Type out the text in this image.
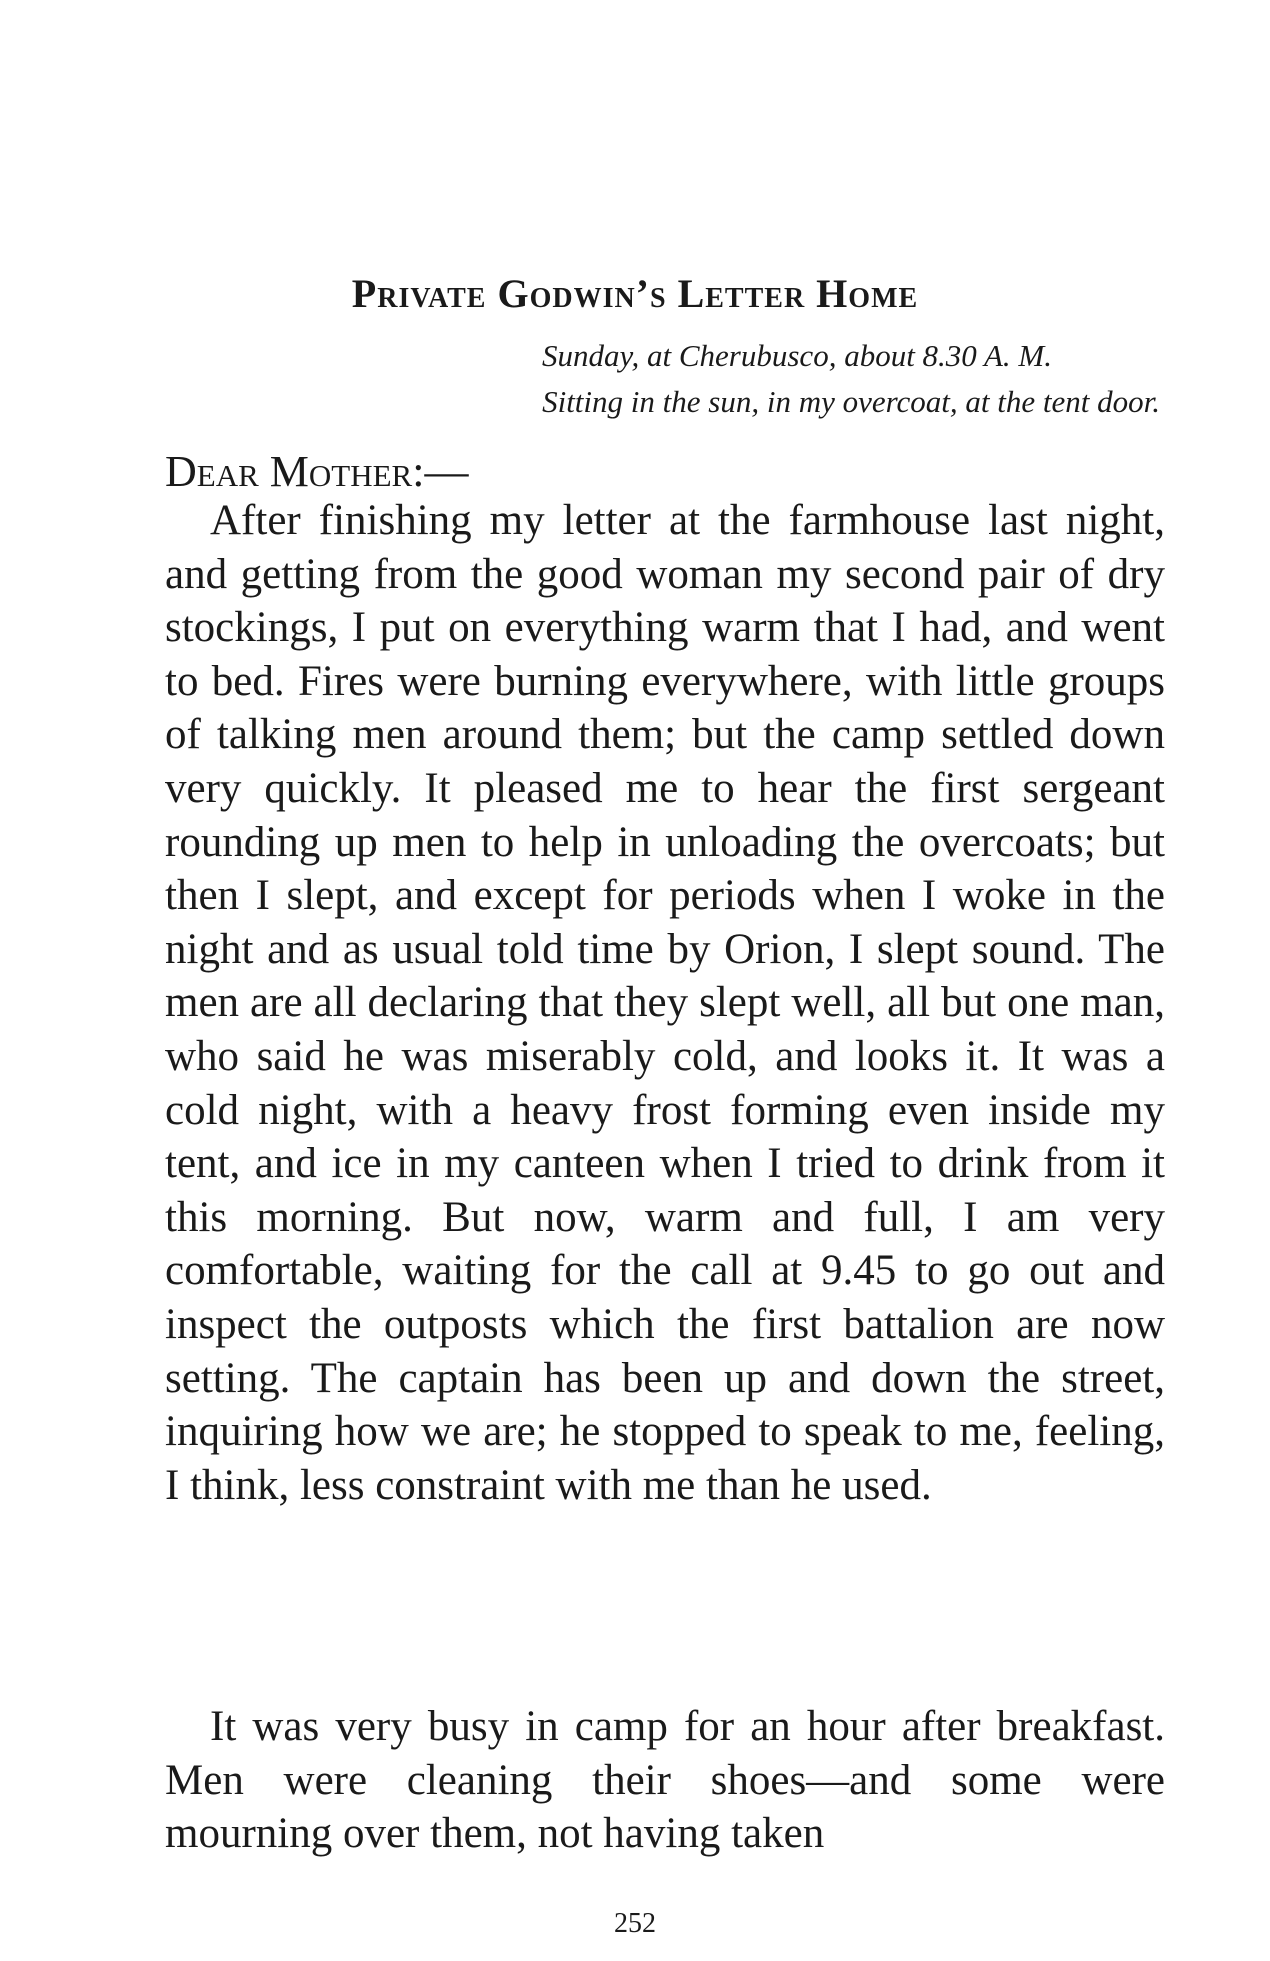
Private Godwin’s Letter Home

Sunday, at Cherubusco, about 8.30 A. M.

Sitting in the sun, in my overcoat, at the tent door.

Dear Mother:—

After finishing my letter at the farmhouse last night, and getting from the good woman my second pair of dry stockings, I put on everything warm that I had, and went to bed. Fires were burning everywhere, with little groups of talking men around them; but the camp settled down very quickly. It pleased me to hear the first sergeant rounding up men to help in unloading the overcoats; but then I slept, and except for periods when I woke in the night and as usual told time by Orion, I slept sound. The men are all declaring that they slept well, all but one man, who said he was miserably cold, and looks it. It was a cold night, with a heavy frost forming even inside my tent, and ice in my canteen when I tried to drink from it this morning. But now, warm and full, I am very comfortable, waiting for the call at 9.45 to go out and inspect the outposts which the first battalion are now setting. The captain has been up and down the street, inquiring how we are; he stopped to speak to me, feeling, I think, less constraint with me than he used.

It was very busy in camp for an hour after breakfast. Men were cleaning their shoes—and some were mourning over them, not having taken

252
